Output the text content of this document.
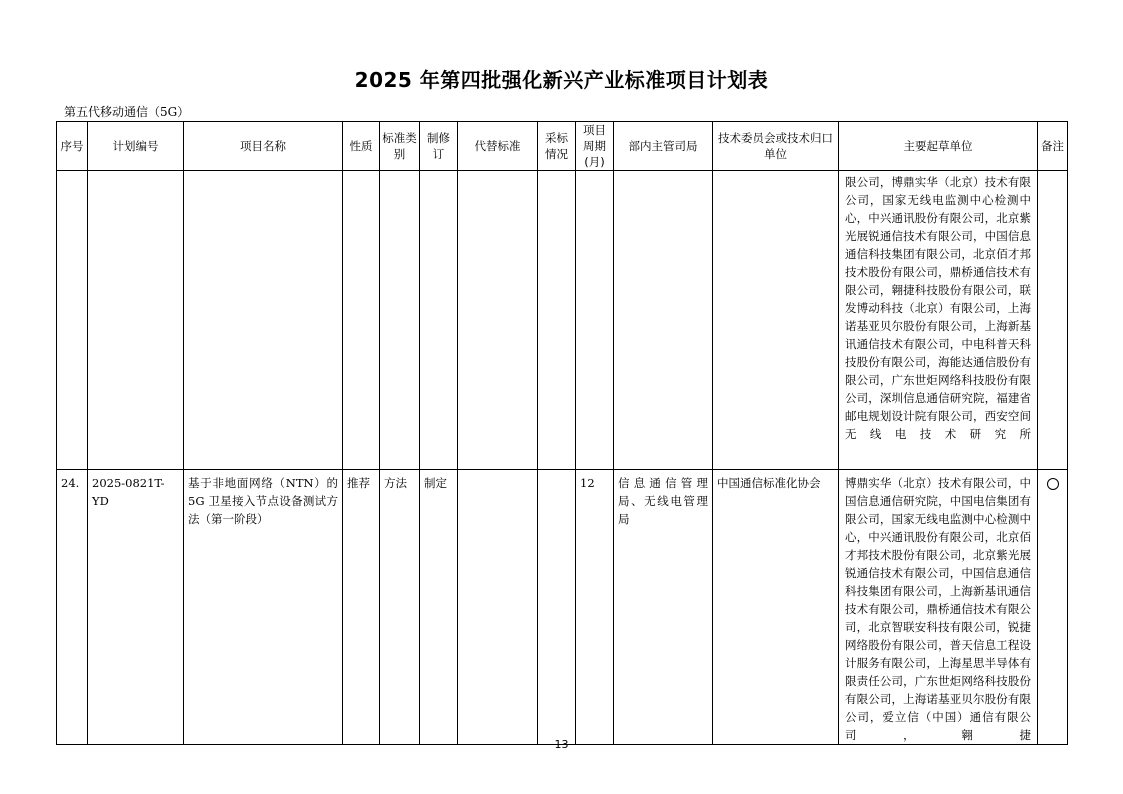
2025 年第四批强化新兴产业标准项目计划表
第五代移动通信（5G）
序号	计划编号	项目名称	性质	标准类别	制修订	代替标准	采标情况	项目周期(月)	部内主管司局	技术委员会或技术归口单位	主要起草单位	备注
											限公司，博鼎实华（北京）技术有限公司，国家无线电监测中心检测中心，中兴通讯股份有限公司，北京紫光展锐通信技术有限公司，中国信息通信科技集团有限公司，北京佰才邦技术股份有限公司，鼎桥通信技术有限公司，翱捷科技股份有限公司，联发博动科技（北京）有限公司，上海诺基亚贝尔股份有限公司，上海新基讯通信技术有限公司，中电科普天科技股份有限公司，海能达通信股份有限公司，广东世炬网络科技股份有限公司，深圳信息通信研究院，福建省邮电规划设计院有限公司，西安空间无线电技术研究所	
24.	2025-0821T-YD	基于非地面网络（NTN）的5G 卫星接入节点设备测试方法（第一阶段）	推荐	方法	制定			12	信息通信管理局、无线电管理局	中国通信标准化协会	博鼎实华（北京）技术有限公司，中国信息通信研究院，中国电信集团有限公司，国家无线电监测中心检测中心，中兴通讯股份有限公司，北京佰才邦技术股份有限公司，北京紫光展锐通信技术有限公司，中国信息通信科技集团有限公司，上海新基讯通信技术有限公司，鼎桥通信技术有限公司，北京智联安科技有限公司，锐捷网络股份有限公司，普天信息工程设计服务有限公司，上海星思半导体有限责任公司，广东世炬网络科技股份有限公司，上海诺基亚贝尔股份有限公司，爱立信（中国）通信有限公司，翱捷	
13
